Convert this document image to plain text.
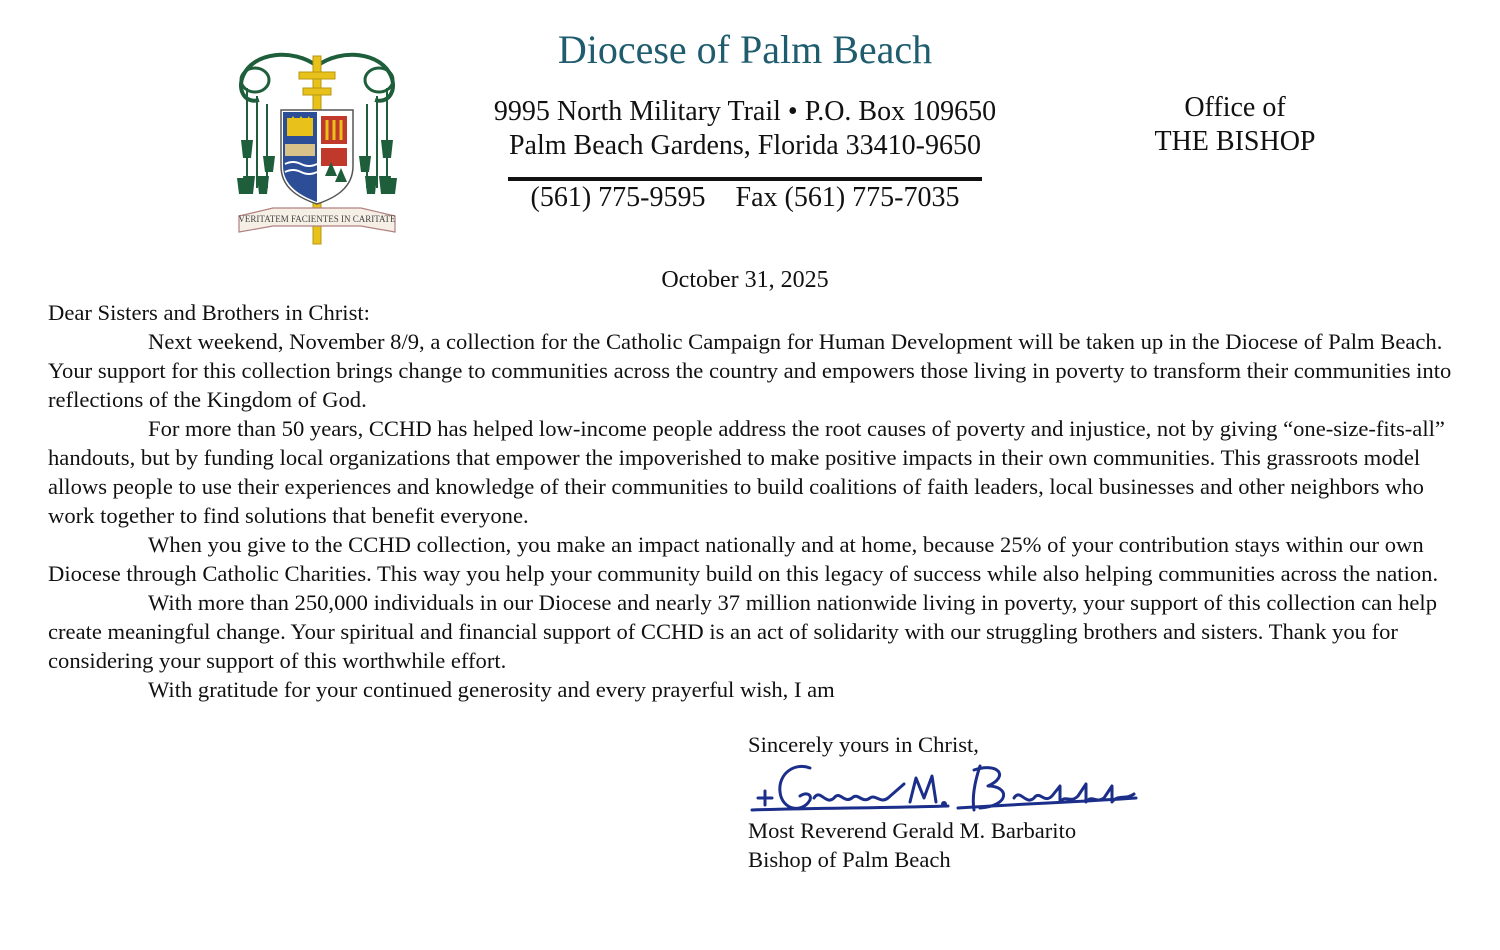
VERITATEM FACIENTES IN CARITATE
Diocese of Palm Beach
9995 North Military Trail • P.O. Box 109650
Palm Beach Gardens, Florida 33410-9650
(561) 775-9595 Fax (561) 775-7035
Office of
THE BISHOP
October 31, 2025

Dear Sisters and Brothers in Christ:

Next weekend, November 8/9, a collection for the Catholic Campaign for Human Development will be taken up in the Diocese of Palm Beach. Your support for this collection brings change to communities across the country and empowers those living in poverty to transform their communities into reflections of the Kingdom of God.

For more than 50 years, CCHD has helped low-income people address the root causes of poverty and injustice, not by giving “one-size-fits-all” handouts, but by funding local organizations that empower the impoverished to make positive impacts in their own communities. This grassroots model allows people to use their experiences and knowledge of their communities to build coalitions of faith leaders, local businesses and other neighbors who work together to find solutions that benefit everyone.

When you give to the CCHD collection, you make an impact nationally and at home, because 25% of your contribution stays within our own Diocese through Catholic Charities. This way you help your community build on this legacy of success while also helping communities across the nation.

With more than 250,000 individuals in our Diocese and nearly 37 million nationwide living in poverty, your support of this collection can help create meaningful change. Your spiritual and financial support of CCHD is an act of solidarity with our struggling brothers and sisters. Thank you for considering your support of this worthwhile effort.

With gratitude for your continued generosity and every prayerful wish, I am

Sincerely yours in Christ,
Most Reverend Gerald M. Barbarito
Bishop of Palm Beach
